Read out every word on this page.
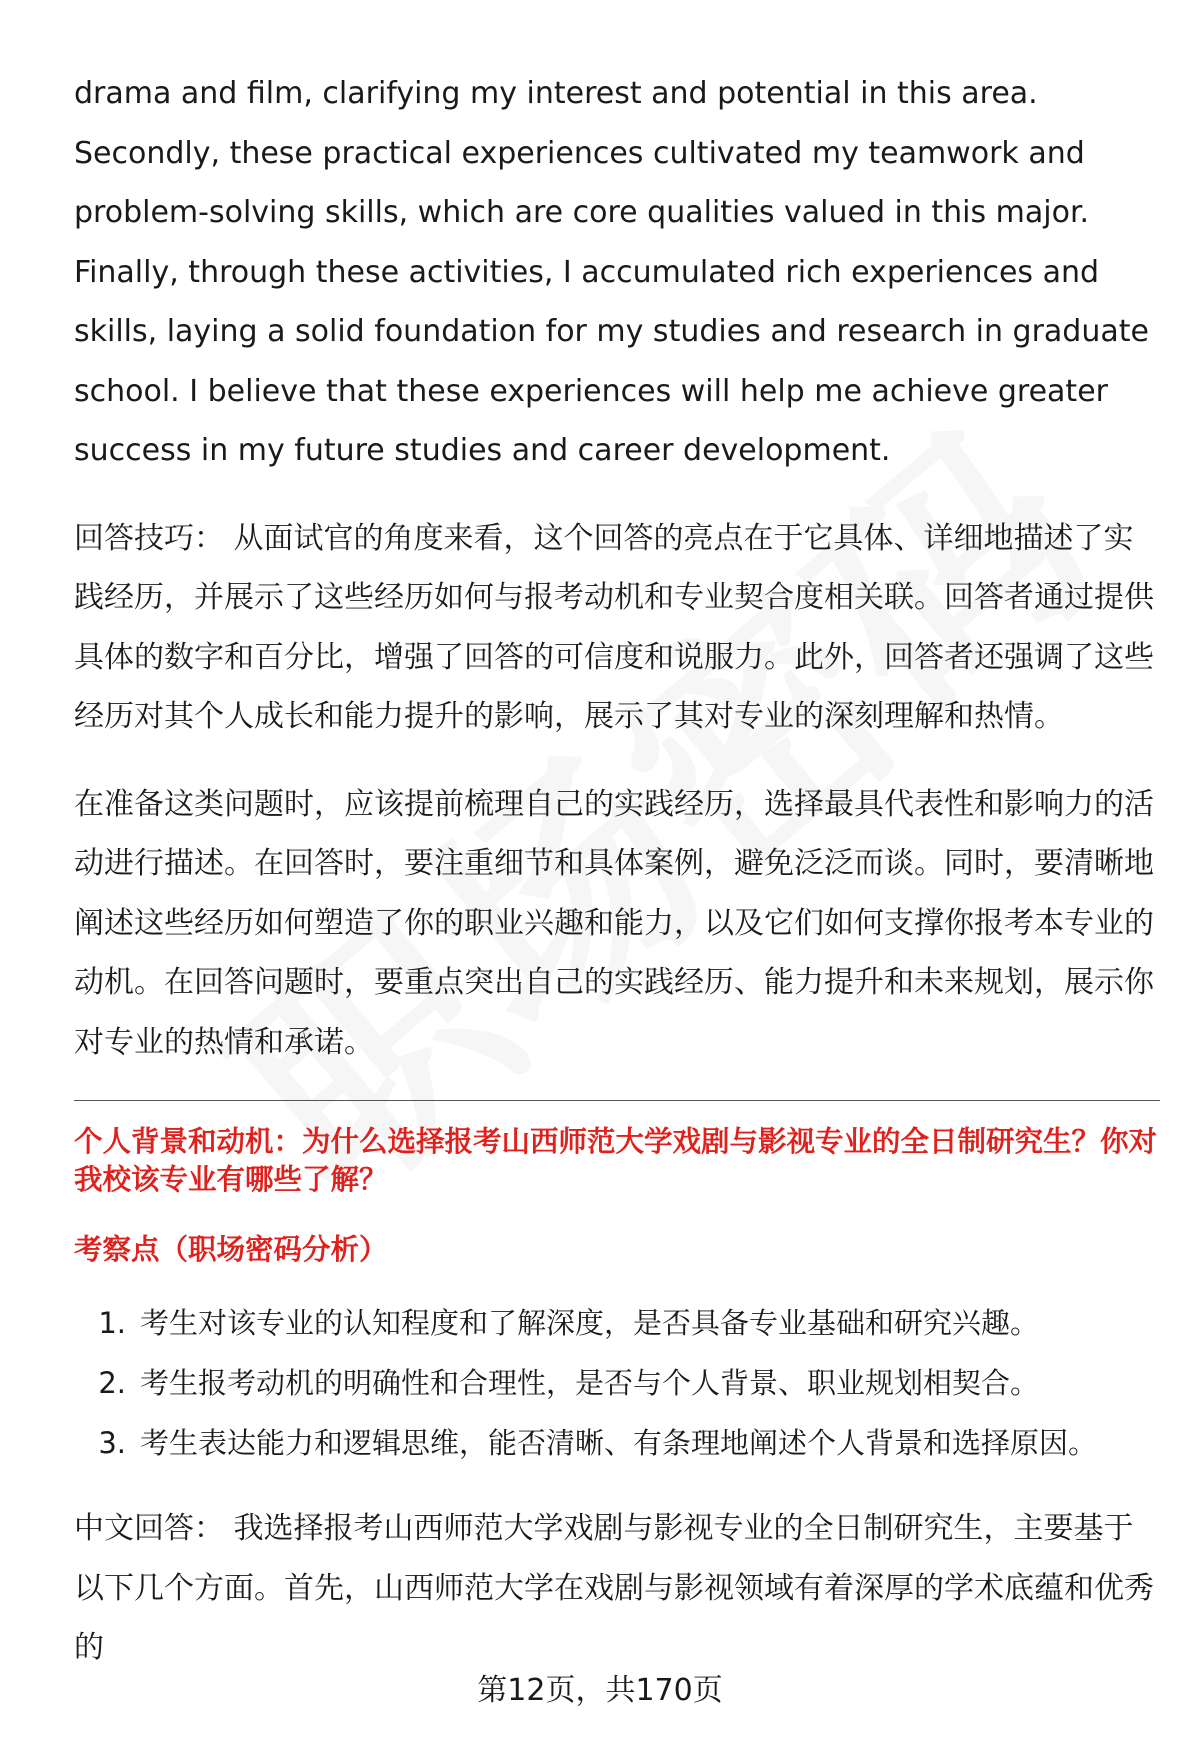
drama and film, clarifying my interest and potential in this area. Secondly, these practical experiences cultivated my teamwork and problem-solving skills, which are core qualities valued in this major. Finally, through these activities, I accumulated rich experiences and skills, laying a solid foundation for my studies and research in graduate school. I believe that these experiences will help me achieve greater success in my future studies and career development.

回答技巧： 从面试官的角度来看，这个回答的亮点在于它具体、详细地描述了实践经历，并展示了这些经历如何与报考动机和专业契合度相关联。回答者通过提供具体的数字和百分比，增强了回答的可信度和说服力。此外，回答者还强调了这些经历对其个人成长和能力提升的影响，展示了其对专业的深刻理解和热情。

在准备这类问题时，应该提前梳理自己的实践经历，选择最具代表性和影响力的活动进行描述。在回答时，要注重细节和具体案例，避免泛泛而谈。同时，要清晰地阐述这些经历如何塑造了你的职业兴趣和能力，以及它们如何支撑你报考本专业的动机。在回答问题时，要重点突出自己的实践经历、能力提升和未来规划，展示你对专业的热情和承诺。

个人背景和动机：为什么选择报考山西师范大学戏剧与影视专业的全日制研究生？你对我校该专业有哪些了解？
考察点（职场密码分析）
1. 考生对该专业的认知程度和了解深度，是否具备专业基础和研究兴趣。
2. 考生报考动机的明确性和合理性，是否与个人背景、职业规划相契合。
3. 考生表达能力和逻辑思维，能否清晰、有条理地阐述个人背景和选择原因。

中文回答： 我选择报考山西师范大学戏剧与影视专业的全日制研究生，主要基于以下几个方面。首先，山西师范大学在戏剧与影视领域有着深厚的学术底蕴和优秀的

第12页，共170页
